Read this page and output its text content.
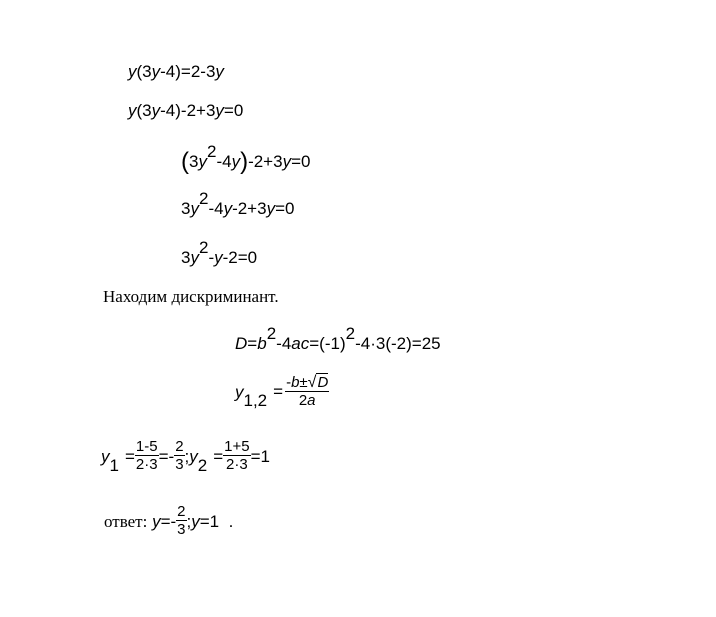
y(3y-4)=2-3y
y(3y-4)-2+3y=0
$(3y^2-4y)-2+3y=0$
$3y^2-4y-2+3y=0$
$3y^2-y-2=0$
Находим дискриминант.
$D=b^2-4ac=(-1)^2-4\cdot 3(-2)=25$
$y_{1,2} = \frac{-b\pm√D}{2a}$
$y_1 = \frac{1-5}{2\cdot 3} =- \frac{2}{3}$ $;y_2 = \frac{1+5}{2\cdot 3} =1$
ответ: $y=- \frac{2}{3}$ ;y=1  .
